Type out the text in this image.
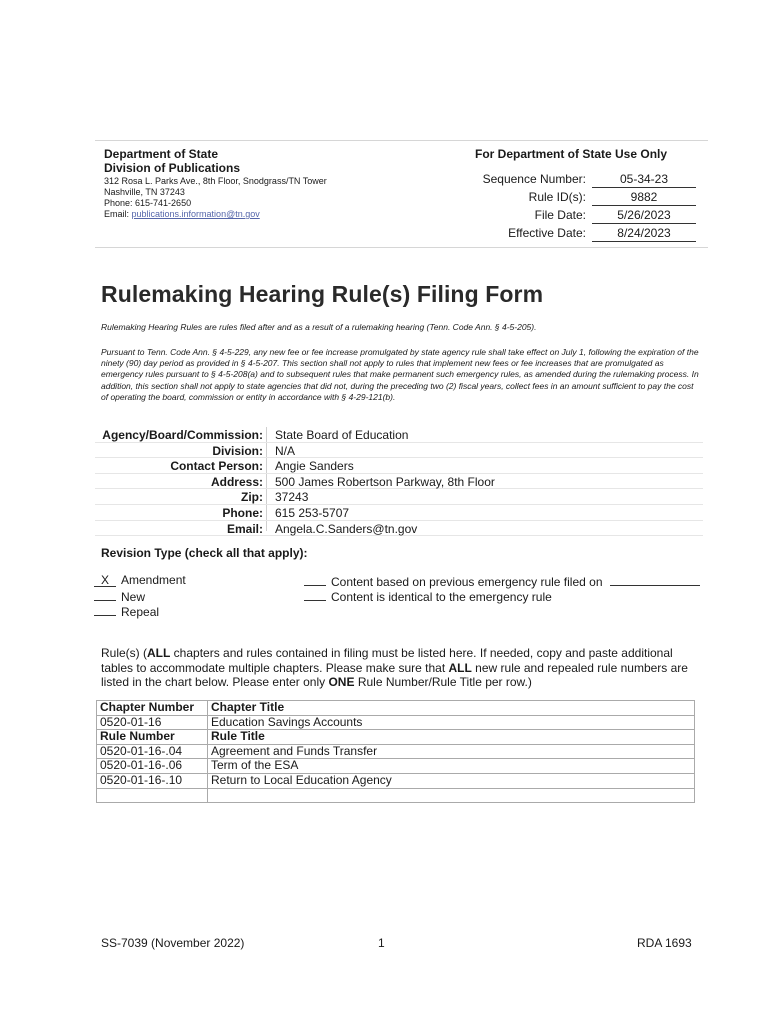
Department of State
Division of Publications
312 Rosa L. Parks Ave., 8th Floor, Snodgrass/TN Tower
Nashville, TN 37243
Phone: 615-741-2650
Email: publications.information@tn.gov
For Department of State Use Only
Sequence Number:	05-34-23
Rule ID(s):	9882
File Date:	5/26/2023
Effective Date:	8/24/2023
Rulemaking Hearing Rule(s) Filing Form
Rulemaking Hearing Rules are rules filed after and as a result of a rulemaking hearing (Tenn. Code Ann. § 4-5-205).
Pursuant to Tenn. Code Ann. § 4-5-229, any new fee or fee increase promulgated by state agency rule shall take effect on July 1, following the expiration of the ninety (90) day period as provided in § 4-5-207. This section shall not apply to rules that implement new fees or fee increases that are promulgated as emergency rules pursuant to § 4-5-208(a) and to subsequent rules that make permanent such emergency rules, as amended during the rulemaking process. In addition, this section shall not apply to state agencies that did not, during the preceding two (2) fiscal years, collect fees in an amount sufficient to pay the cost of operating the board, commission or entity in accordance with § 4-29-121(b).
Agency/Board/Commission: State Board of Education
Division: N/A
Contact Person: Angie Sanders
Address: 500 James Robertson Parkway, 8th Floor
Zip: 37243
Phone: 615 253-5707
Email: Angela.C.Sanders@tn.gov
Revision Type (check all that apply):
X Amendment
New
Repeal
Content based on previous emergency rule filed on
Content is identical to the emergency rule
Rule(s) (ALL chapters and rules contained in filing must be listed here. If needed, copy and paste additional tables to accommodate multiple chapters. Please make sure that ALL new rule and repealed rule numbers are listed in the chart below. Please enter only ONE Rule Number/Rule Title per row.)
Chapter Number	Chapter Title
0520-01-16	Education Savings Accounts
Rule Number	Rule Title
0520-01-16-.04	Agreement and Funds Transfer
0520-01-16-.06	Term of the ESA
0520-01-16-.10	Return to Local Education Agency

SS-7039 (November 2022)	1	RDA 1693
